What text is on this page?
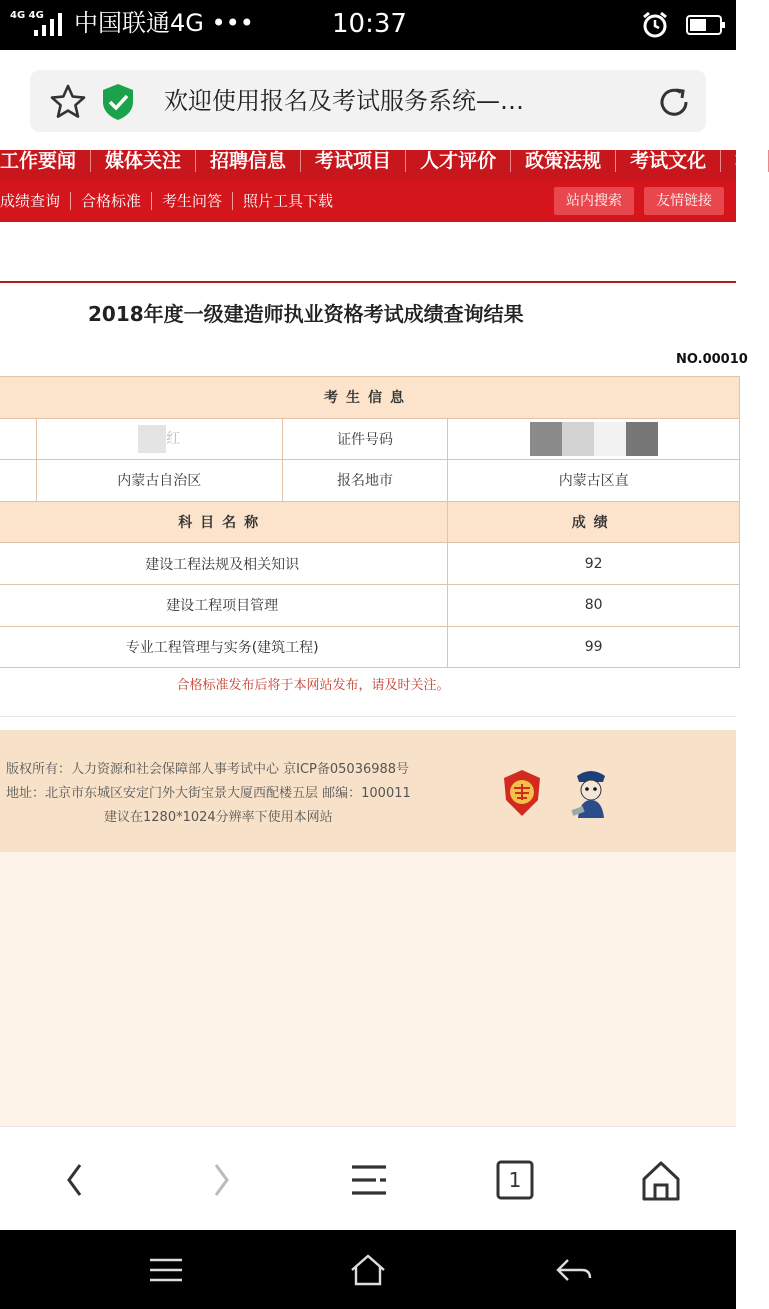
4G 4G 中国联通4G •••	10:37
欢迎使用报名及考试服务系统—…
工作要闻 媒体关注 招聘信息 考试项目 人才评价 政策法规 考试文化 机
成绩查询 合格标准 考生问答 照片工具下载	站内搜索	友情链接
2018年度一级建造师执业资格考试成绩查询结果
NO.00010
考生信息			
	红	证件号码	
	内蒙古自治区	报名地市	内蒙古区直
科目名称			成绩
建设工程法规及相关知识			92
建设工程项目管理			80
专业工程管理与实务(建筑工程)			99
合格标准发布后将于本网站发布，请及时关注。
版权所有：人力资源和社会保障部人事考试中心 京ICP备05036988号
地址：北京市东城区安定门外大街宝景大厦西配楼五层 邮编：100011
建议在1280*1024分辨率下使用本网站
1
